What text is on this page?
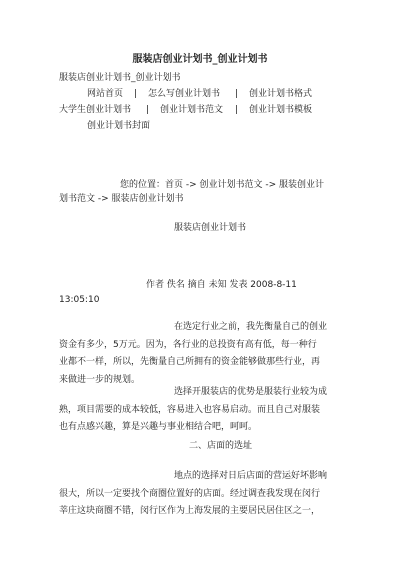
服装店创业计划书_创业计划书
服装店创业计划书_创业计划书
网站首页 | 怎么写创业计划书 | 创业计划书格式
大学生创业计划书 | 创业计划书范文 | 创业计划书模板
创业计划书封面
您的位置：首页 -> 创业计划书范文 -> 服装创业计
划书范文 -> 服装店创业计划书
服装店创业计划书
作者 佚名 摘自 未知 发表 2008-8-11
13:05:10
在选定行业之前，我先衡量自己的创业
资金有多少，5万元。因为，各行业的总投资有高有低，每一种行
业都不一样，所以，先衡量自己所拥有的资金能够做那些行业，再
来做进一步的规划。
选择开服装店的优势是服装行业较为成
熟，项目需要的成本较低，容易进入也容易启动。而且自己对服装
也有点感兴趣，算是兴趣与事业相结合吧，呵呵。
二、店面的选址
地点的选择对日后店面的营运好坏影响
很大，所以一定要找个商圈位置好的店面。经过调查我发现在闵行
莘庄这块商圈不错，闵行区作为上海发展的主要居民居住区之一，
